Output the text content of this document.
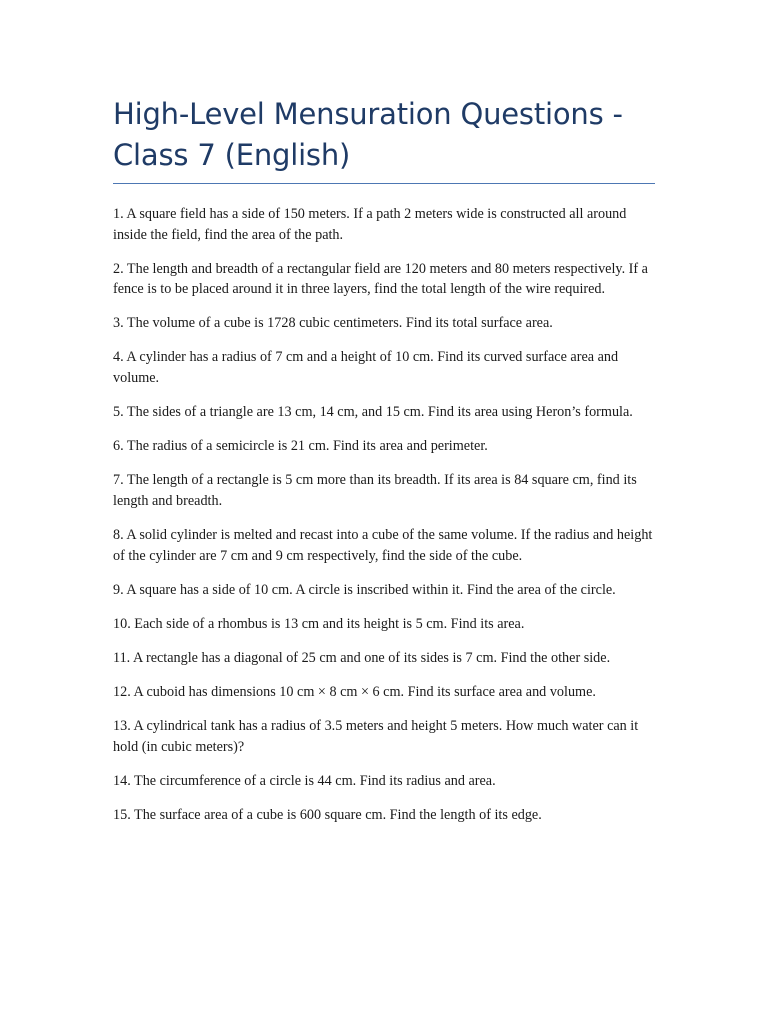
High-Level Mensuration Questions - Class 7 (English)
1. A square field has a side of 150 meters. If a path 2 meters wide is constructed all around inside the field, find the area of the path.
2. The length and breadth of a rectangular field are 120 meters and 80 meters respectively. If a fence is to be placed around it in three layers, find the total length of the wire required.
3. The volume of a cube is 1728 cubic centimeters. Find its total surface area.
4. A cylinder has a radius of 7 cm and a height of 10 cm. Find its curved surface area and volume.
5. The sides of a triangle are 13 cm, 14 cm, and 15 cm. Find its area using Heron’s formula.
6. The radius of a semicircle is 21 cm. Find its area and perimeter.
7. The length of a rectangle is 5 cm more than its breadth. If its area is 84 square cm, find its length and breadth.
8. A solid cylinder is melted and recast into a cube of the same volume. If the radius and height of the cylinder are 7 cm and 9 cm respectively, find the side of the cube.
9. A square has a side of 10 cm. A circle is inscribed within it. Find the area of the circle.
10. Each side of a rhombus is 13 cm and its height is 5 cm. Find its area.
11. A rectangle has a diagonal of 25 cm and one of its sides is 7 cm. Find the other side.
12. A cuboid has dimensions 10 cm × 8 cm × 6 cm. Find its surface area and volume.
13. A cylindrical tank has a radius of 3.5 meters and height 5 meters. How much water can it hold (in cubic meters)?
14. The circumference of a circle is 44 cm. Find its radius and area.
15. The surface area of a cube is 600 square cm. Find the length of its edge.
